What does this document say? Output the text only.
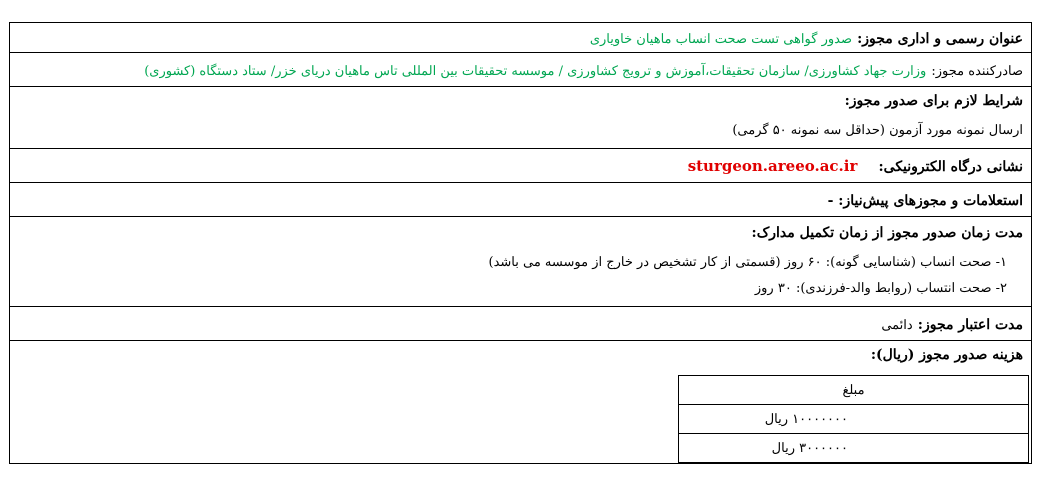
عنوان رسمی و اداری مجوز: صدور گواهی تست صحت انساب ماهیان خاویاری
صادرکننده مجوز: وزارت جهاد کشاورزی/ سازمان تحقیقات،آموزش و ترویج کشاورزی / موسسه تحقیقات بین المللی تاس ماهیان دریای خزر/ ستاد دستگاه (کشوری)
شرایط لازم برای صدور مجوز:
ارسال نمونه مورد آزمون (حداقل سه نمونه ۵۰ گرمی)
نشانی درگاه الکترونیکی: sturgeon.areeo.ac.ir
استعلامات و مجوزهای پیش‌نیاز: -
مدت زمان صدور مجوز از زمان تکمیل مدارک:
۱- صحت انساب (شناسایی گونه): ۶۰ روز (قسمتی از کار تشخیص در خارج از موسسه می باشد)
۲- صحت انتساب (روابط والد-فرزندی): ۳۰ روز
مدت اعتبار مجوز: دائمی
هزینه صدور مجوز (ریال):
مبلغ
۱۰۰۰۰۰۰۰ ریال
۳۰۰۰۰۰۰ ریال
